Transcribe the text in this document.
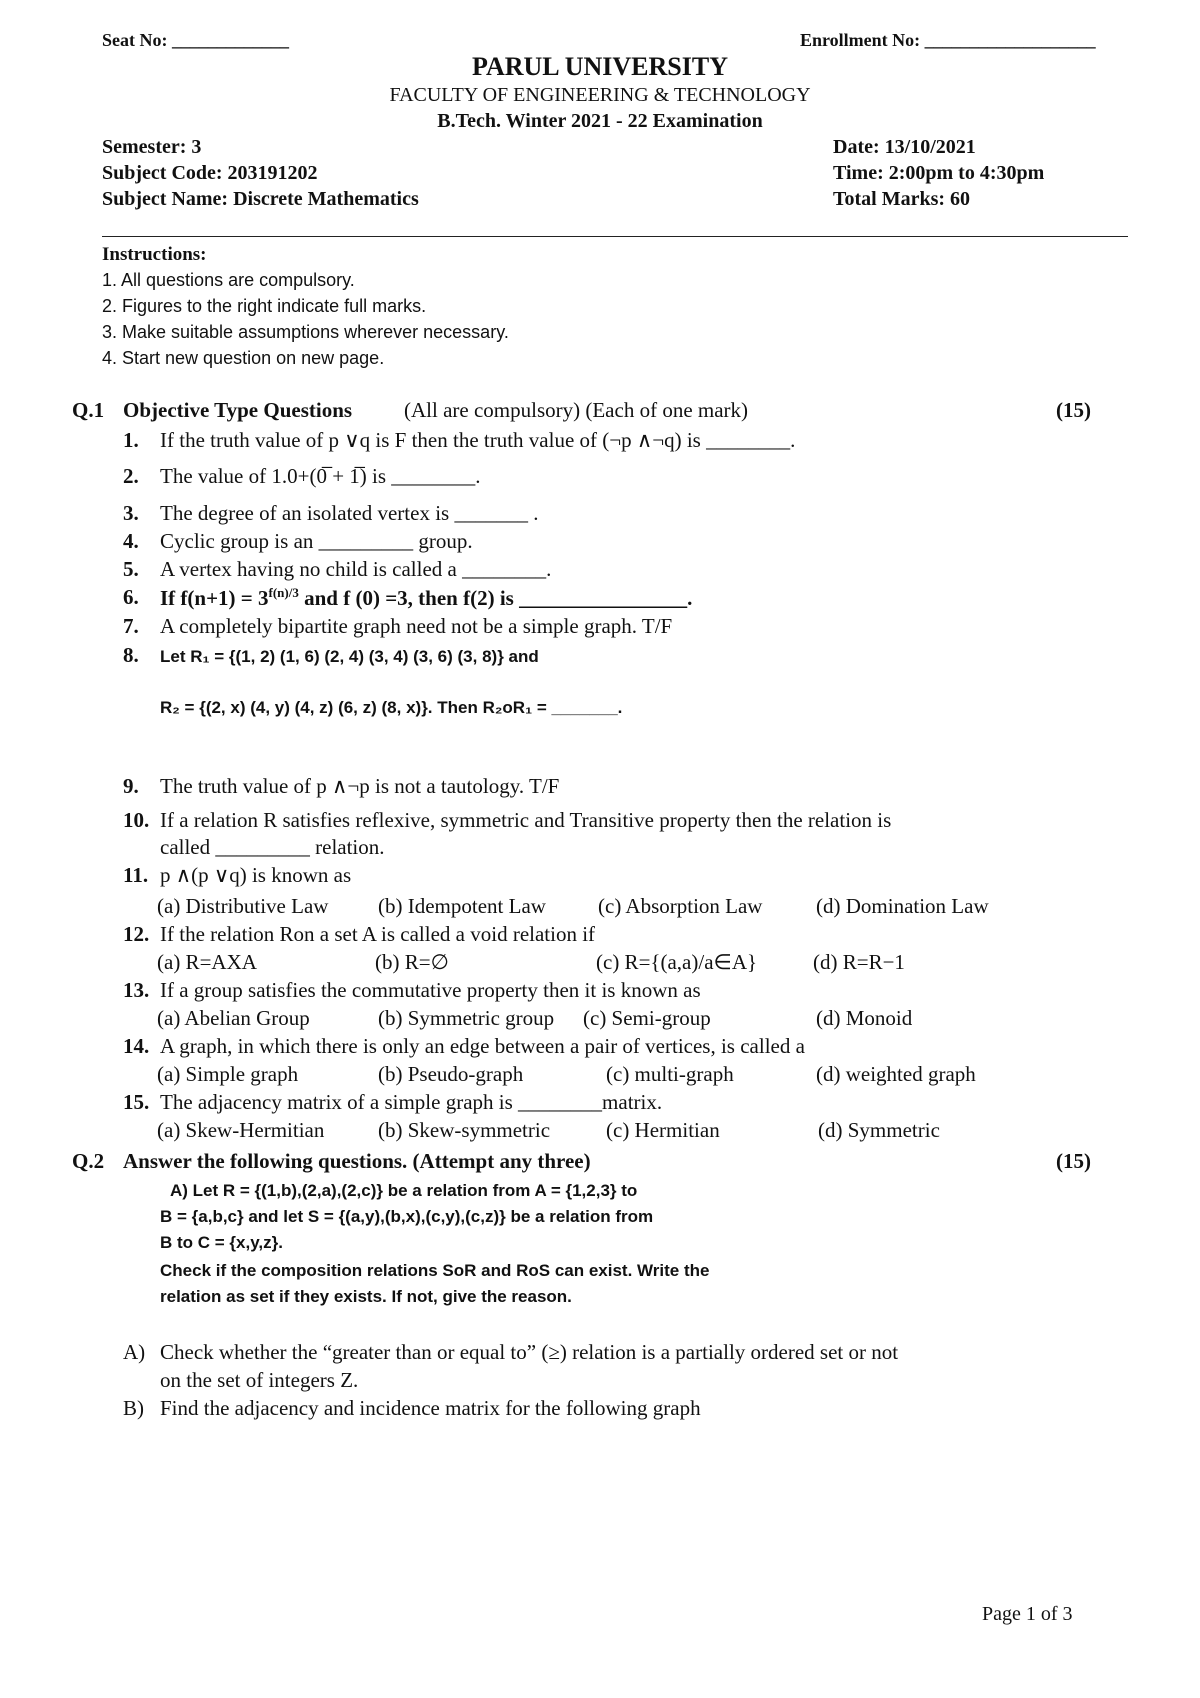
Seat No: _____________	Enrollment No: ___________________
PARUL UNIVERSITY
FACULTY OF ENGINEERING & TECHNOLOGY
B.Tech. Winter 2021 - 22 Examination
Semester: 3	Date: 13/10/2021
Subject Code: 203191202	Time: 2:00pm to 4:30pm
Subject Name: Discrete Mathematics	Total Marks: 60
Instructions:
1. All questions are compulsory.
2. Figures to the right indicate full marks.
3. Make suitable assumptions wherever necessary.
4. Start new question on new page.
Q.1 Objective Type Questions (All are compulsory) (Each of one mark)	(15)
1. If the truth value of p ∨q is F then the truth value of (¬p ∧¬q) is ________.
2. The value of 1.0+(0̅ + 1̅) is ________.
3. The degree of an isolated vertex is _______ .
4. Cyclic group is an _________ group.
5. A vertex having no child is called a ________.
6. If $f(n+1) = 3^{f(n)/3}$ and f (0) =3, then f(2) is ________________.
7. A completely bipartite graph need not be a simple graph. T/F
8. Let R₁ = {(1, 2) (1, 6) (2, 4) (3, 4) (3, 6) (3, 8)} and
R₂ = {(2, x) (4, y) (4, z) (6, z) (8, x)}. Then R₂oR₁ = _______.
9. The truth value of p ∧¬p is not a tautology. T/F
10. If a relation R satisfies reflexive, symmetric and Transitive property then the relation is
called _________ relation.
11. p ∧(p ∨q) is known as
(a) Distributive Law (b) Idempotent Law (c) Absorption Law	(d) Domination Law
12. If the relation Ron a set A is called a void relation if
(a) R=AXA	(b) R=∅	(c) R={(a,a)/a∈A}	(d) R=R−1
13. If a group satisfies the commutative property then it is known as
(a) Abelian Group	(b) Symmetric group (c) Semi-group	(d) Monoid
14. A graph, in which there is only an edge between a pair of vertices, is called a
(a) Simple graph	(b) Pseudo-graph	(c) multi-graph	(d) weighted graph
15. The adjacency matrix of a simple graph is ________matrix.
(a) Skew-Hermitian	(b) Skew-symmetric	(c) Hermitian	(d) Symmetric
Q.2 Answer the following questions. (Attempt any three)	(15)
A) Let R = {(1,b),(2,a),(2,c)} be a relation from A = {1,2,3} to
B = {a,b,c} and let S = {(a,y),(b,x),(c,y),(c,z)} be a relation from
B to C = {x,y,z}.
Check if the composition relations SoR and RoS can exist. Write the
relation as set if they exists. If not, give the reason.
A) Check whether the “greater than or equal to” (≥) relation is a partially ordered set or not
on the set of integers Z.
B) Find the adjacency and incidence matrix for the following graph
Page 1 of 3
